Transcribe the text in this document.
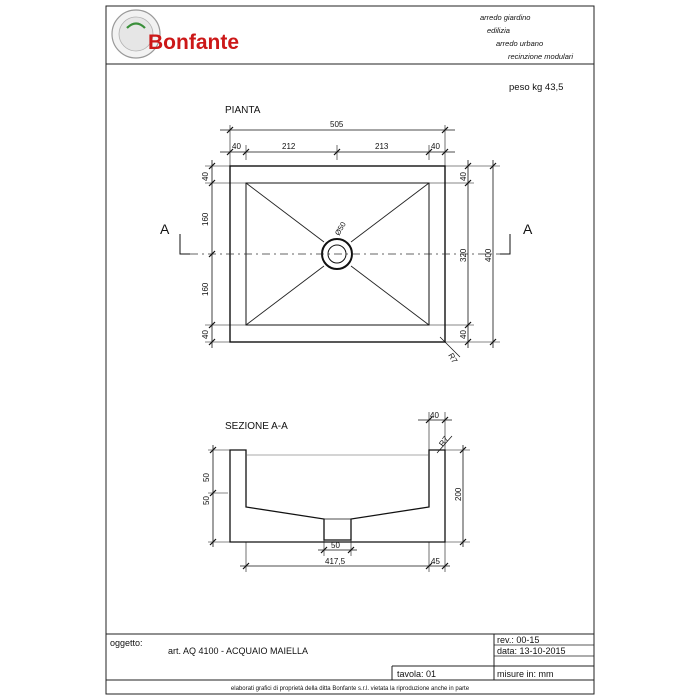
Bonfante
arredo giardino
edilizia
arredo urbano
recinzione modulari
peso kg 43,5
PIANTA
Ø50
A	A
505
40	212	213	40
40
160
160
40
40
320
40
400
R7
SEZIONE A-A
40
R7
50
50	200
50
417,5	45
oggetto:
art. AQ 4100 - ACQUAIO MAIELLA
rev.: 00-15
data: 13-10-2015
tavola: 01	misure in: mm
elaborati grafici di proprietà della ditta Bonfante s.r.l. vietata la riproduzione anche in parte
